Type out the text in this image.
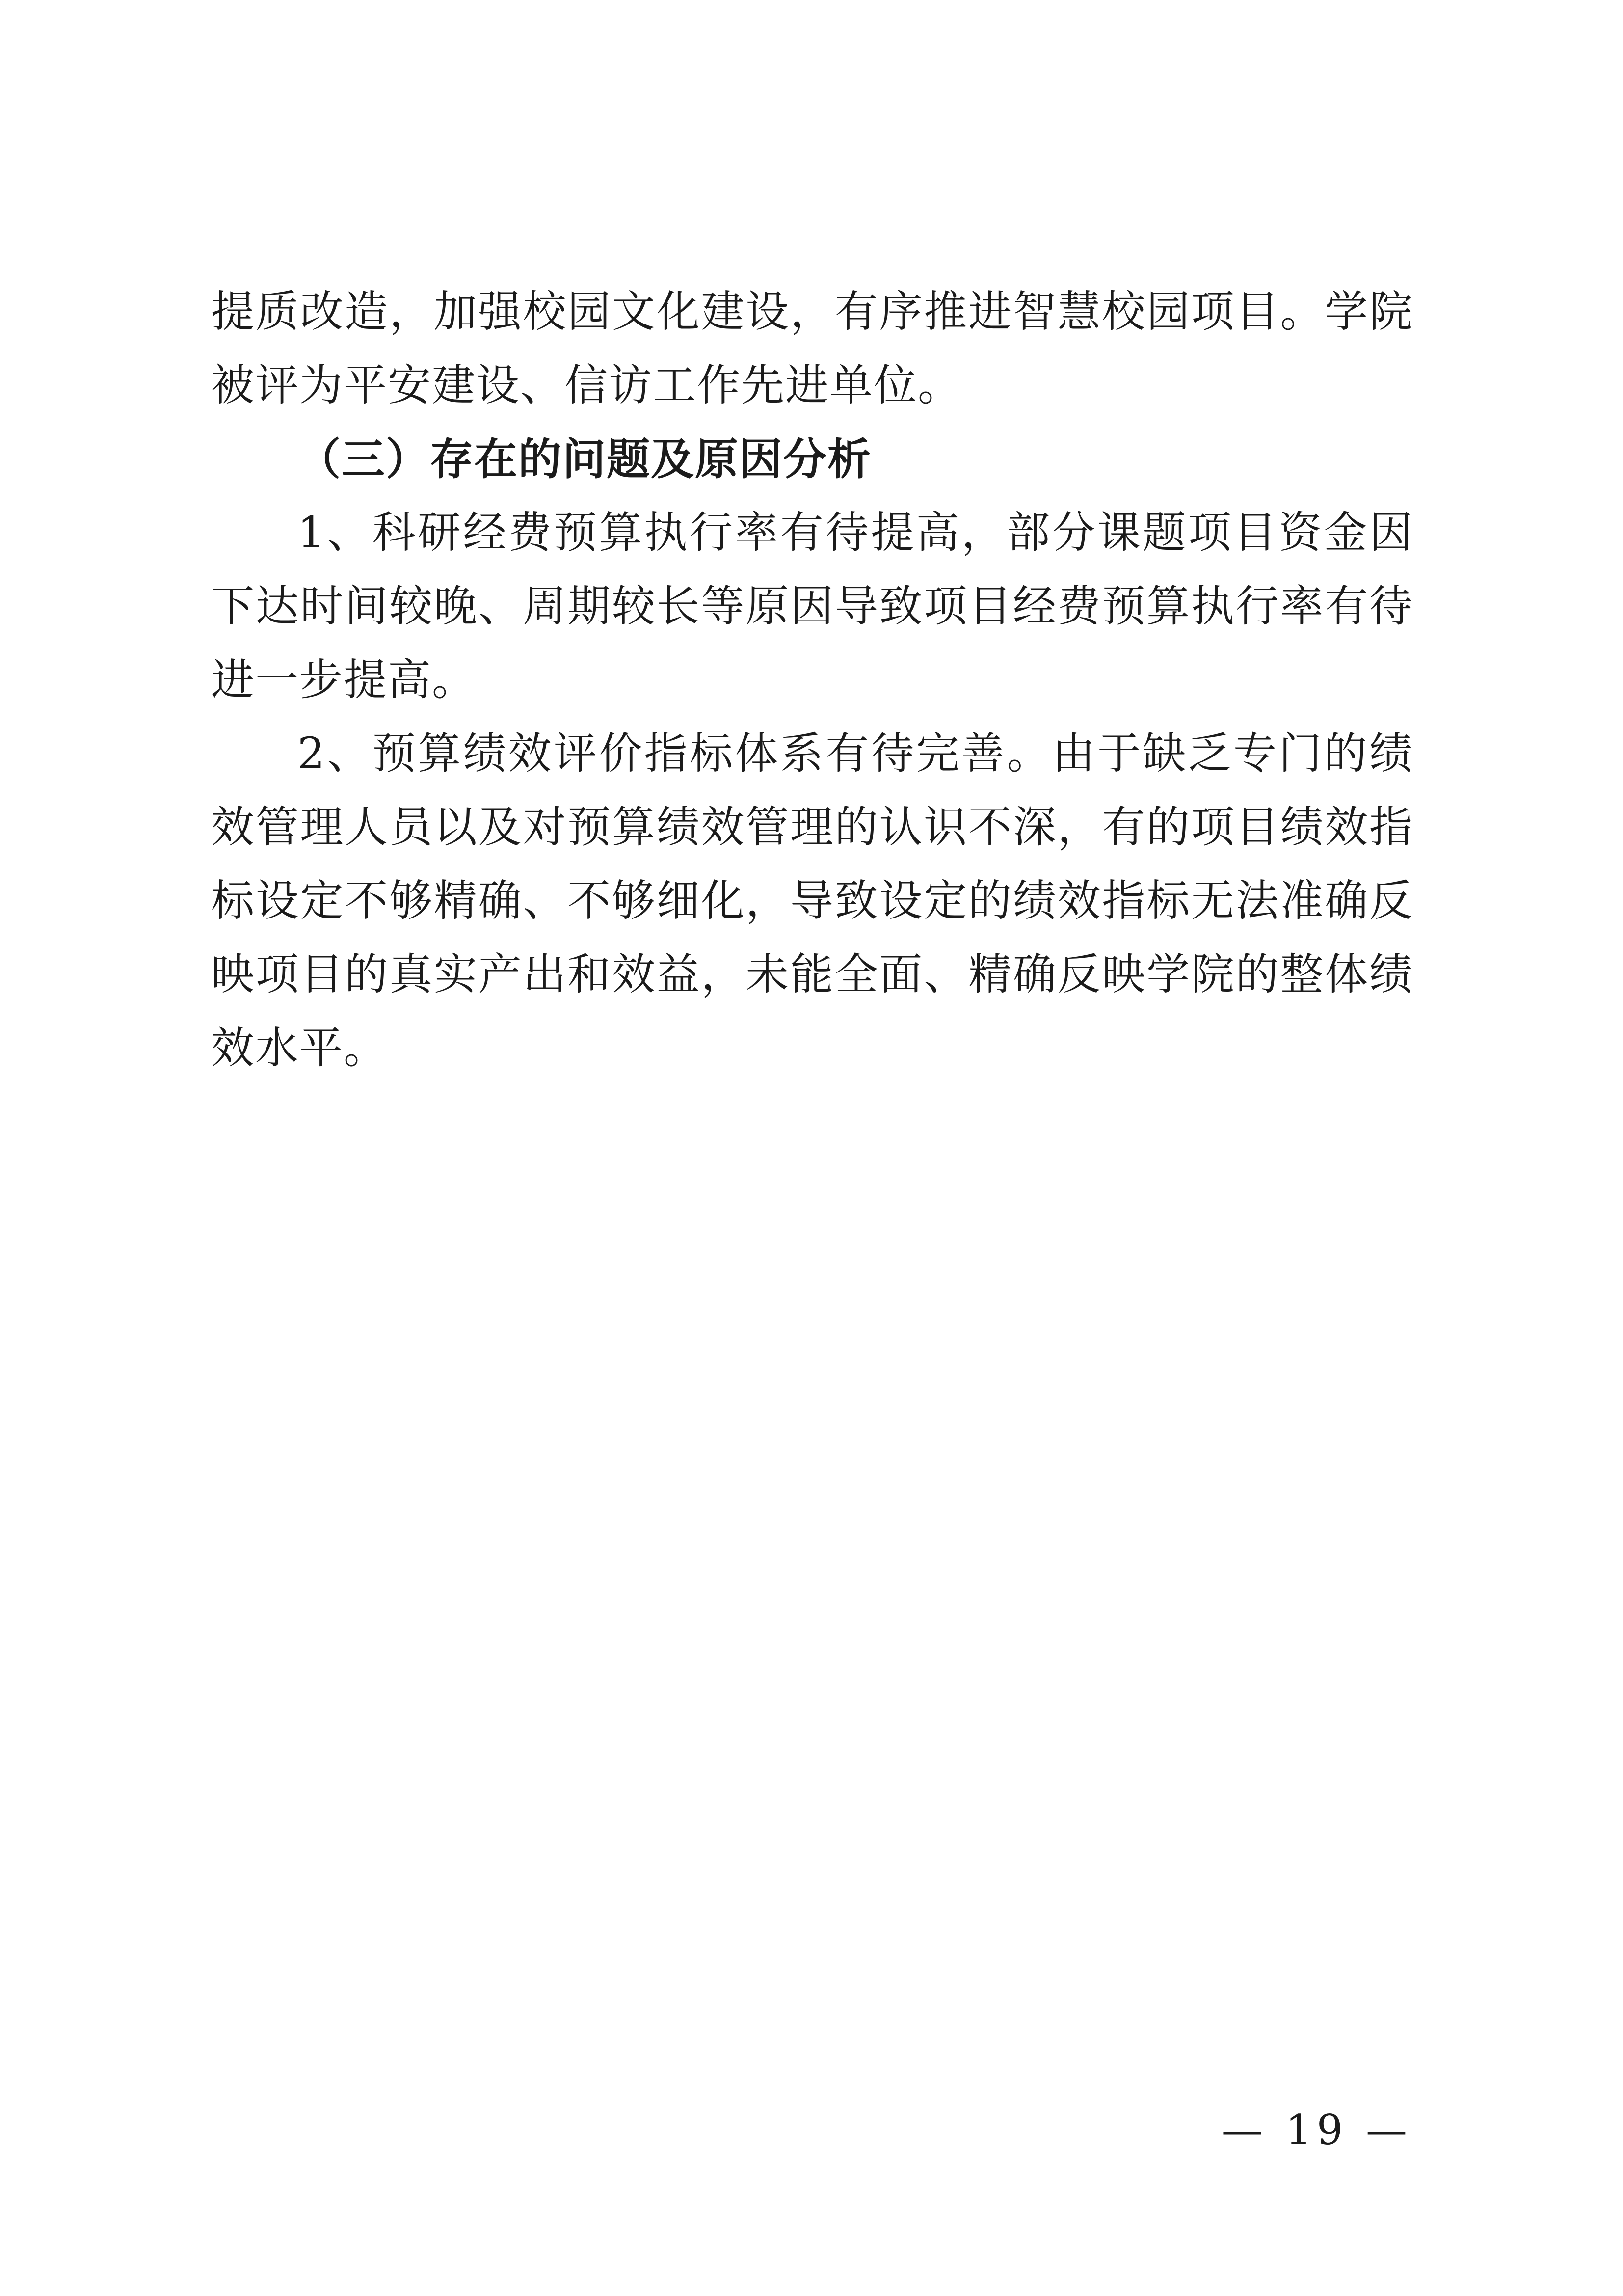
提质改造，加强校园文化建设，有序推进智慧校园项目。学院被评为平安建设、信访工作先进单位。

（三）存在的问题及原因分析

1、科研经费预算执行率有待提高，部分课题项目资金因下达时间较晚、周期较长等原因导致项目经费预算执行率有待进一步提高。

2、预算绩效评价指标体系有待完善。由于缺乏专门的绩效管理人员以及对预算绩效管理的认识不深，有的项目绩效指标设定不够精确、不够细化，导致设定的绩效指标无法准确反映项目的真实产出和效益，未能全面、精确反映学院的整体绩效水平。

— 19 —
